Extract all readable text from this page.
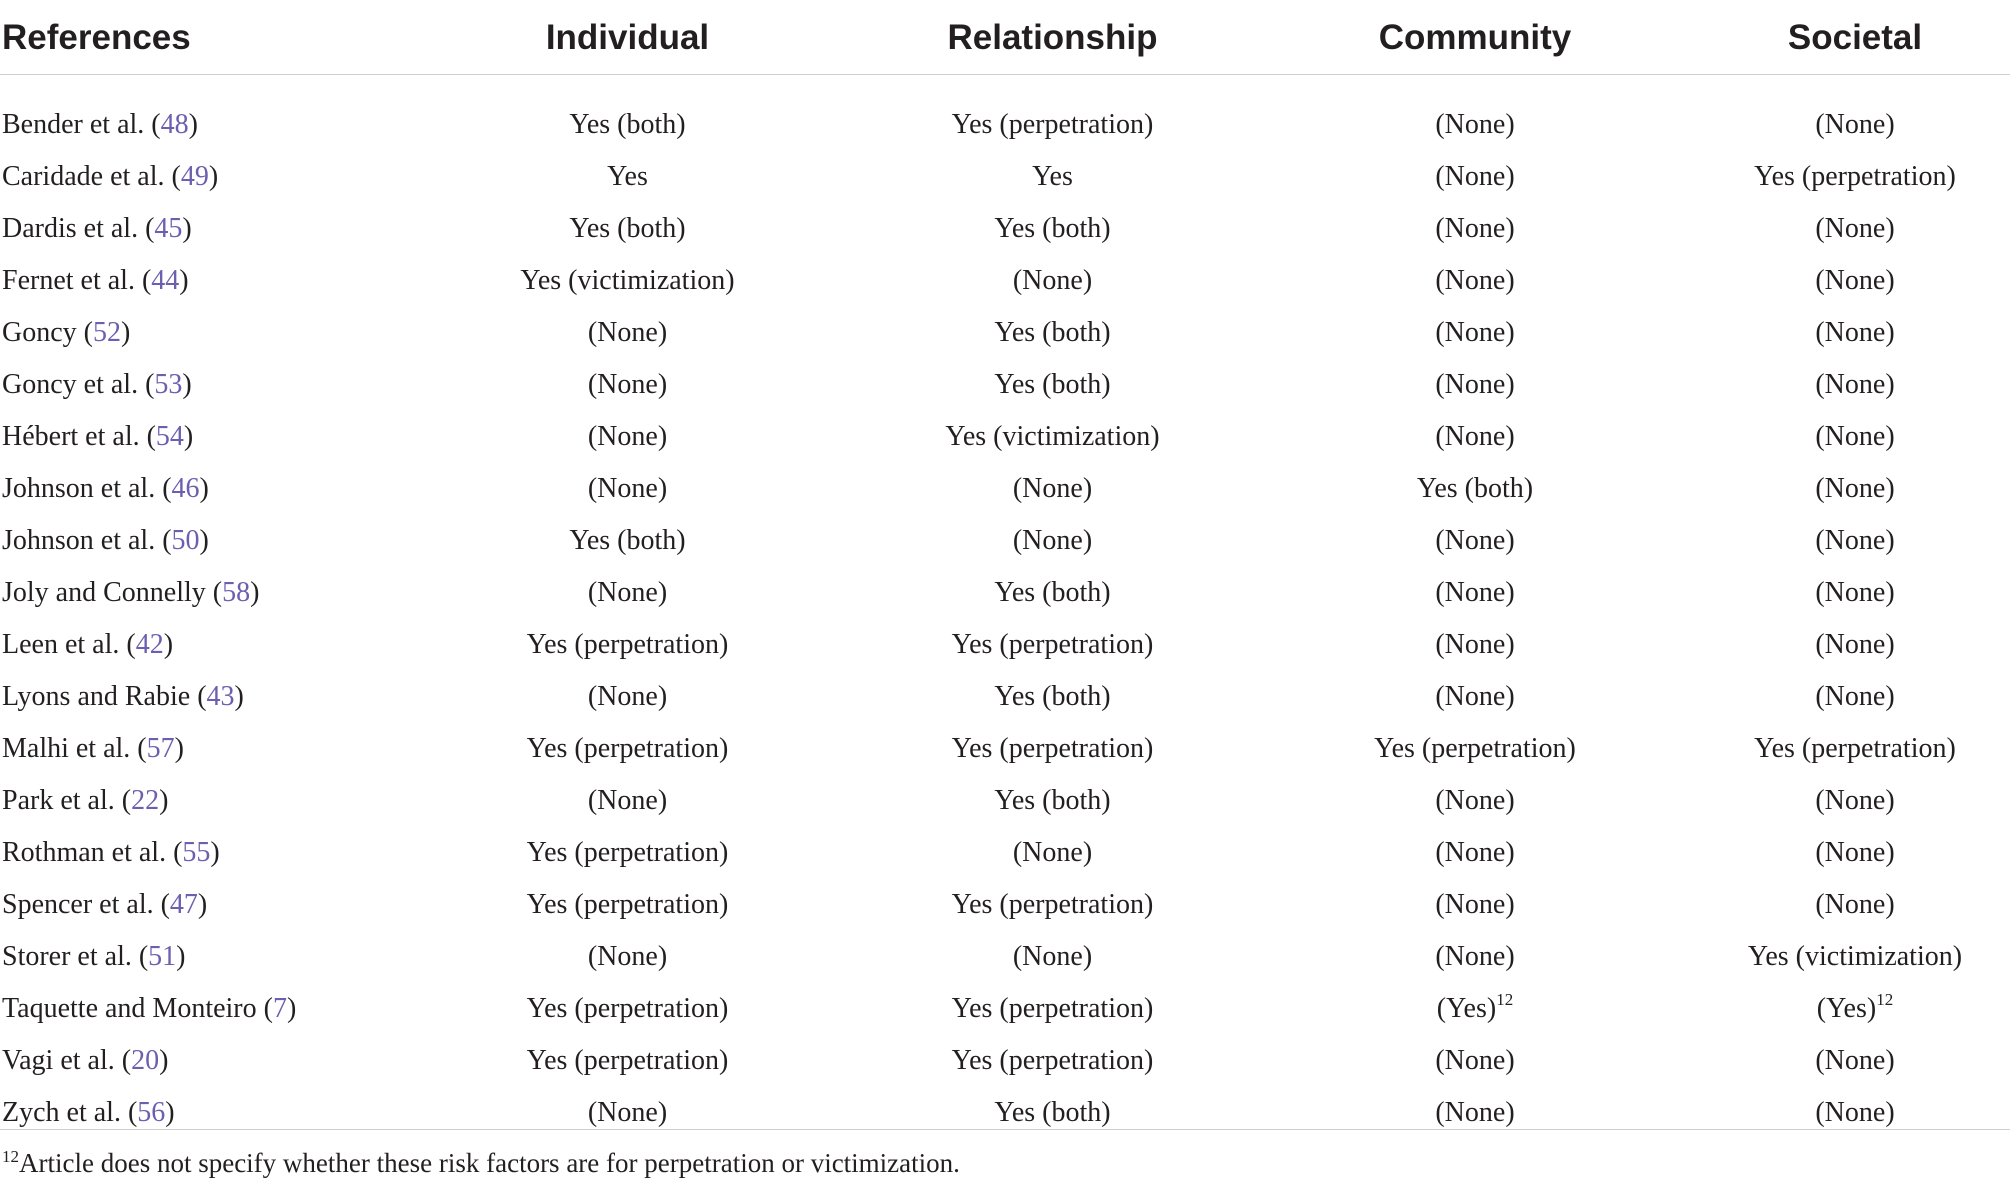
References	Individual	Relationship	Community	Societal

Bender et al. (48)	Yes (both)	Yes (perpetration)	(None)	(None)
Caridade et al. (49)	Yes	Yes	(None)	Yes (perpetration)
Dardis et al. (45)	Yes (both)	Yes (both)	(None)	(None)
Fernet et al. (44)	Yes (victimization)	(None)	(None)	(None)
Goncy (52)	(None)	Yes (both)	(None)	(None)
Goncy et al. (53)	(None)	Yes (both)	(None)	(None)
Hébert et al. (54)	(None)	Yes (victimization)	(None)	(None)
Johnson et al. (46)	(None)	(None)	Yes (both)	(None)
Johnson et al. (50)	Yes (both)	(None)	(None)	(None)
Joly and Connelly (58)	(None)	Yes (both)	(None)	(None)
Leen et al. (42)	Yes (perpetration)	Yes (perpetration)	(None)	(None)
Lyons and Rabie (43)	(None)	Yes (both)	(None)	(None)
Malhi et al. (57)	Yes (perpetration)	Yes (perpetration)	Yes (perpetration)	Yes (perpetration)
Park et al. (22)	(None)	Yes (both)	(None)	(None)
Rothman et al. (55)	Yes (perpetration)	(None)	(None)	(None)
Spencer et al. (47)	Yes (perpetration)	Yes (perpetration)	(None)	(None)
Storer et al. (51)	(None)	(None)	(None)	Yes (victimization)
Taquette and Monteiro (7)	Yes (perpetration)	Yes (perpetration)	(Yes)$^{12}$	(Yes)$^{12}$
Vagi et al. (20)	Yes (perpetration)	Yes (perpetration)	(None)	(None)
Zych et al. (56)	(None)	Yes (both)	(None)	(None)
$^{12}$Article does not specify whether these risk factors are for perpetration or victimization.
